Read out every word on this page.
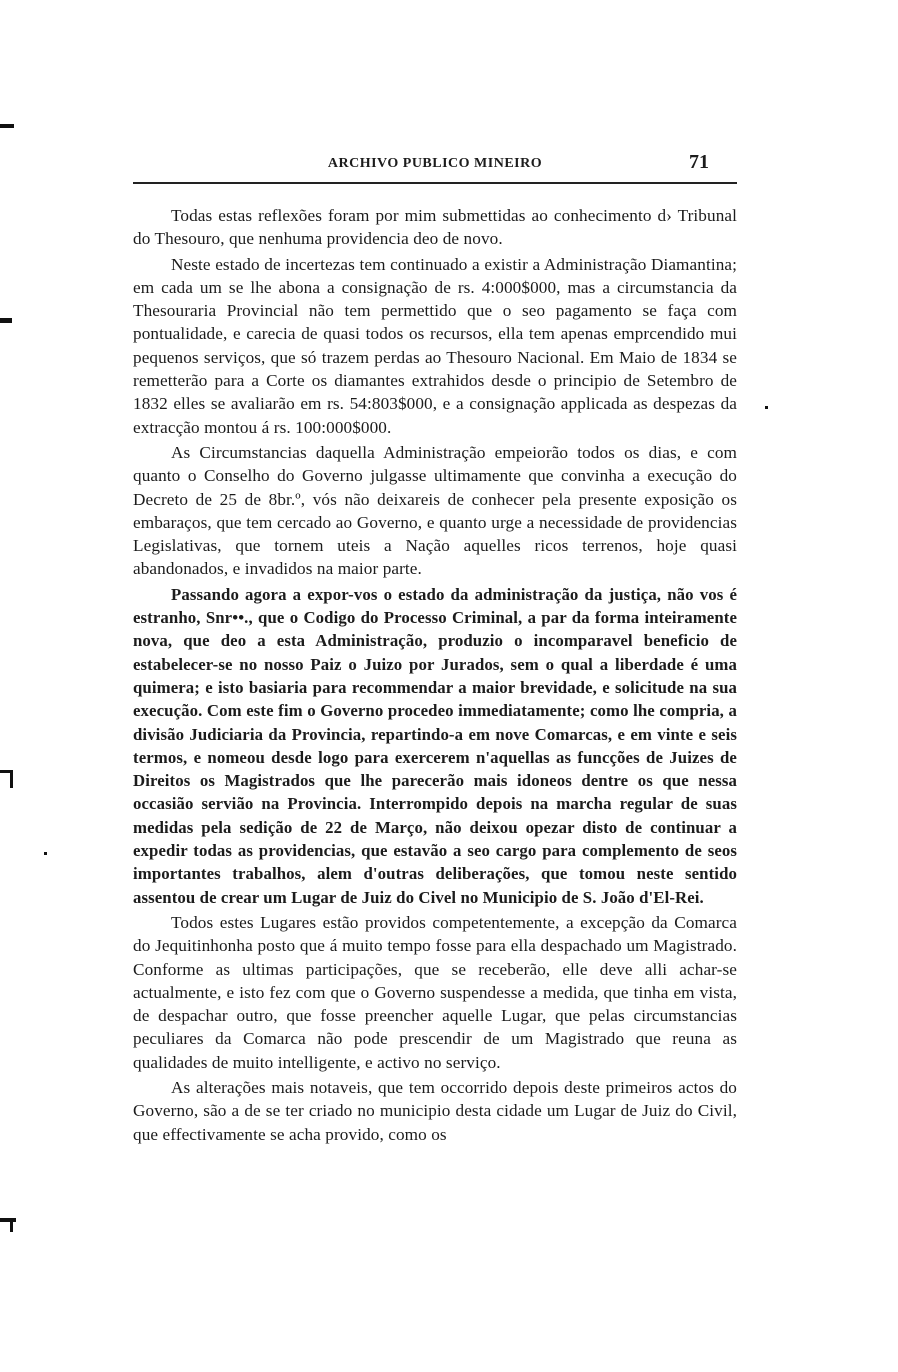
ARCHIVO PUBLICO MINEIRO	71

Todas estas reflexões foram por mim submettidas ao conhecimento d› Tribunal do Thesouro, que nenhuma providencia deo de novo.

Neste estado de incertezas tem continuado a existir a Administração Diamantina; em cada um se lhe abona a consignação de rs. 4:000$000, mas a circumstancia da Thesouraria Provincial não tem permettido que o seo pagamento se faça com pontualidade, e carecia de quasi todos os recursos, ella tem apenas emprcendido mui pequenos serviços, que só trazem perdas ao Thesouro Nacional. Em Maio de 1834 se remetterão para a Corte os diamantes extrahidos desde o principio de Setembro de 1832 elles se avaliarão em rs. 54:803$000, e a consignação applicada as despezas da extracção montou á rs. 100:000$000.

As Circumstancias daquella Administração empeiorão todos os dias, e com quanto o Conselho do Governo julgasse ultimamente que convinha a execução do Decreto de 25 de 8br.º, vós não deixareis de conhecer pela presente exposição os embaraços, que tem cercado ao Governo, e quanto urge a necessidade de providencias Legislativas, que tornem uteis a Nação aquelles ricos terrenos, hoje quasi abandonados, e invadidos na maior parte.

Passando agora a expor-vos o estado da administração da justiça, não vos é estranho, Snr••., que o Codigo do Processo Criminal, a par da forma inteiramente nova, que deo a esta Administração, produzio o incomparavel beneficio de estabelecer-se no nosso Paiz o Juizo por Jurados, sem o qual a liberdade é uma quimera; e isto basiaria para recommendar a maior brevidade, e solicitude na sua execução. Com este fim o Governo procedeo immediatamente; como lhe compria, a divisão Judiciaria da Provincia, repartindo-a em nove Comarcas, e em vinte e seis termos, e nomeou desde logo para exercerem n'aquellas as funcções de Juizes de Direitos os Magistrados que lhe parecerão mais idoneos dentre os que nessa occasião servião na Provincia. Interrompido depois na marcha regular de suas medidas pela sedição de 22 de Março, não deixou opezar disto de continuar a expedir todas as providencias, que estavão a seo cargo para complemento de seos importantes trabalhos, alem d'outras deliberações, que tomou neste sentido assentou de crear um Lugar de Juiz do Civel no Municipio de S. João d'El-Rei.

Todos estes Lugares estão providos competentemente, a excepção da Comarca do Jequitinhonha posto que á muito tempo fosse para ella despachado um Magistrado. Conforme as ultimas participações, que se receberão, elle deve alli achar-se actualmente, e isto fez com que o Governo suspendesse a medida, que tinha em vista, de despachar outro, que fosse preencher aquelle Lugar, que pelas circumstancias peculiares da Comarca não pode prescendir de um Magistrado que reuna as qualidades de muito intelligente, e activo no serviço.

As alterações mais notaveis, que tem occorrido depois deste primeiros actos do Governo, são a de se ter criado no municipio desta cidade um Lugar de Juiz do Civil, que effectivamente se acha provido, como os
